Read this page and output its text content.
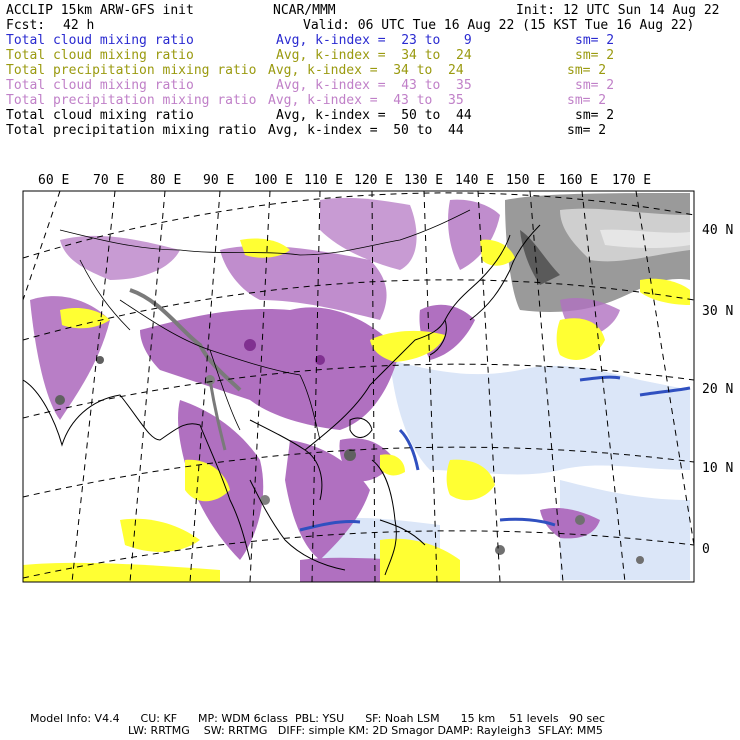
ACCLIP 15km ARW-GFS init	NCAR/MMM	Init: 12 UTC Sun 14 Aug 22
Fcst: 42 h	Valid: 06 UTC Tue 16 Aug 22 (15 KST Tue 16 Aug 22)
Total cloud mixing ratio	Avg, k-index =  23 to   9	sm= 2
Total cloud mixing ratio	Avg, k-index =  34 to  24	sm= 2
Total precipitation mixing ratio Avg, k-index =  34 to  24	sm= 2
Total cloud mixing ratio	Avg, k-index =  43 to  35	sm= 2
Total precipitation mixing ratio Avg, k-index =  43 to  35	sm= 2
Total cloud mixing ratio	Avg, k-index =  50 to  44	sm= 2
Total precipitation mixing ratio Avg, k-index =  50 to  44	sm= 2
60 E 70 E 80 E 90 E 100 E 110 E 120 E 130 E 140 E 150 E 160 E 170 E
40 N
30 N
20 N
10 N
0
Model Info: V4.4      CU: KF      MP: WDM 6class  PBL: YSU      SF: Noah LSM      15 km    51 levels   90 sec
LW: RRTMG    SW: RRTMG   DIFF: simple KM: 2D Smagor DAMP: Rayleigh3  SFLAY: MM5
